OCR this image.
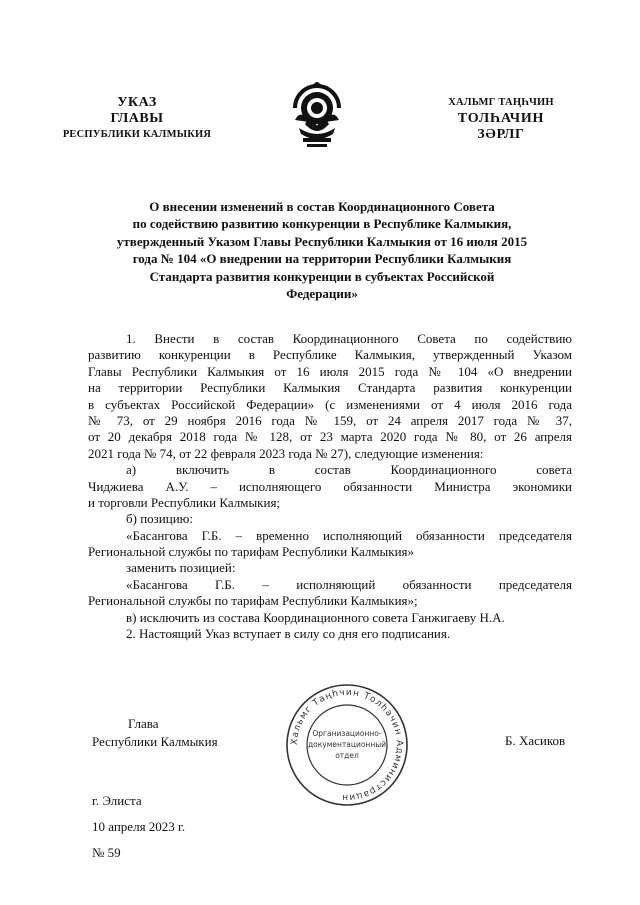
УКАЗ
ГЛАВЫ
РЕСПУБЛИКИ КАЛМЫКИЯ
ХАЛЬМГ ТАҢҺЧИН
ТОЛҺАЧИН
ЗӘРЛГ
О внесении изменений в состав Координационного Совета
по содействию развитию конкуренции в Республике Калмыкия,
утвержденный Указом Главы Республики Калмыкия от 16 июля 2015
года № 104 «О внедрении на территории Республики Калмыкия
Стандарта развития конкуренции в субъектах Российской
Федерации»
1. Внести в состав Координационного Совета по содействию
развитию конкуренции в Республике Калмыкия, утвержденный Указом
Главы Республики Калмыкия от 16 июля 2015 года № 104 «О внедрении
на территории Республики Калмыкия Стандарта развития конкуренции
в субъектах Российской Федерации» (с изменениями от 4 июля 2016 года
№ 73, от 29 ноября 2016 года № 159, от 24 апреля 2017 года № 37,
от 20 декабря 2018 года № 128, от 23 марта 2020 года № 80, от 26 апреля
2021 года № 74, от 22 февраля 2023 года № 27), следующие изменения:
а) включить в состав Координационного совета
Чиджиева А.У. – исполняющего обязанности Министра экономики
и торговли Республики Калмыкия;
б) позицию:
«Басангова Г.Б. – временно исполняющий обязанности председателя
Региональной службы по тарифам Республики Калмыкия»
заменить позицией:
«Басангова Г.Б. – исполняющий обязанности председателя
Региональной службы по тарифам Республики Калмыкия»;
в) исключить из состава Координационного совета Ганжигаеву Н.А.
2. Настоящий Указ вступает в силу со дня его подписания.
Глава
Республики Калмыкия	Хальмг Таңһчин Толһачин Администрацин
Организационно-
документационный
отдел
Б. Хасиков
г. Элиста
10 апреля 2023 г.
№ 59
